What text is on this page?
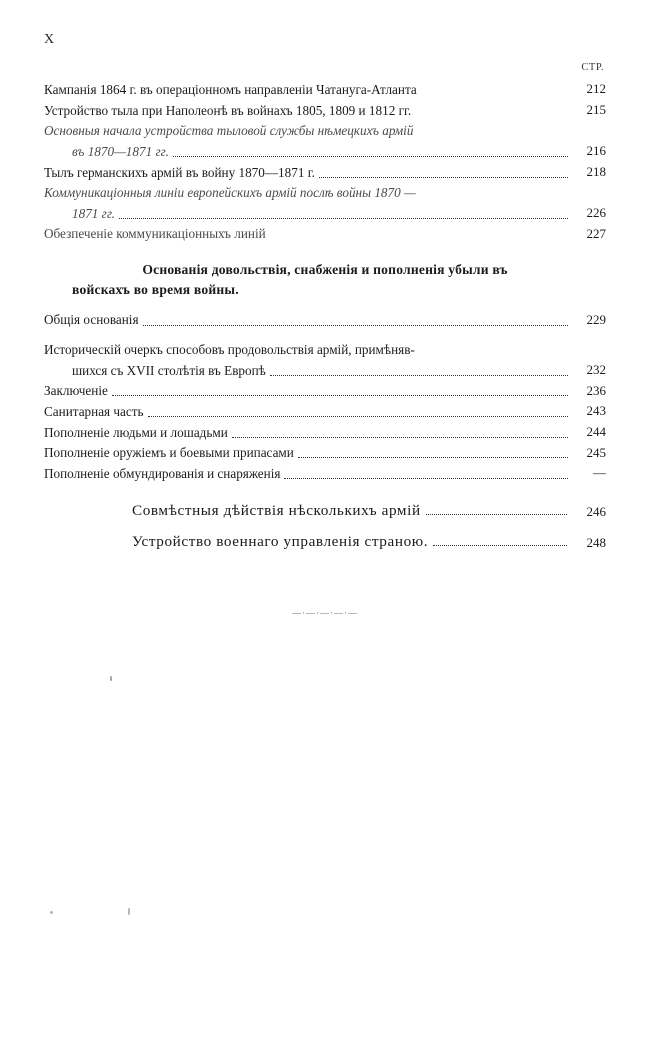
X
СТР.
Кампанія 1864 г. въ операціонномъ направленіи Чатануга-Атланта	212
Устройство тыла при Наполеонѣ въ войнахъ 1805, 1809 и 1812 гг.	215
Основныя начала устройства тыловой службы нѣмецкихъ армій
въ 1870—1871 гг.	216
Тылъ германскихъ армій въ войну 1870—1871 г.	218
Коммуникаціонныя линіи европейскихъ армій послѣ войны 1870 —
1871 гг.	226
Обезпеченіе коммуникаціонныхъ линій	227
Основанія довольствія, снабженія и пополненія убыли въ
войскахъ во время войны.
Общія основанія	229
Историческій очеркъ способовъ продовольствія армій, примѣняв-
шихся съ XVII столѣтія въ Европѣ	232
Заключеніе	236
Санитарная часть	243
Пополненіе людьми и лошадьми	244
Пополненіе оружіемъ и боевыми припасами	245
Пополненіе обмундированія и снаряженія	—
Совмѣстныя дѣйствія нѣсколькихъ армій	246
Устройство военнаго управленія страною.	248
—·—·—·—·—
